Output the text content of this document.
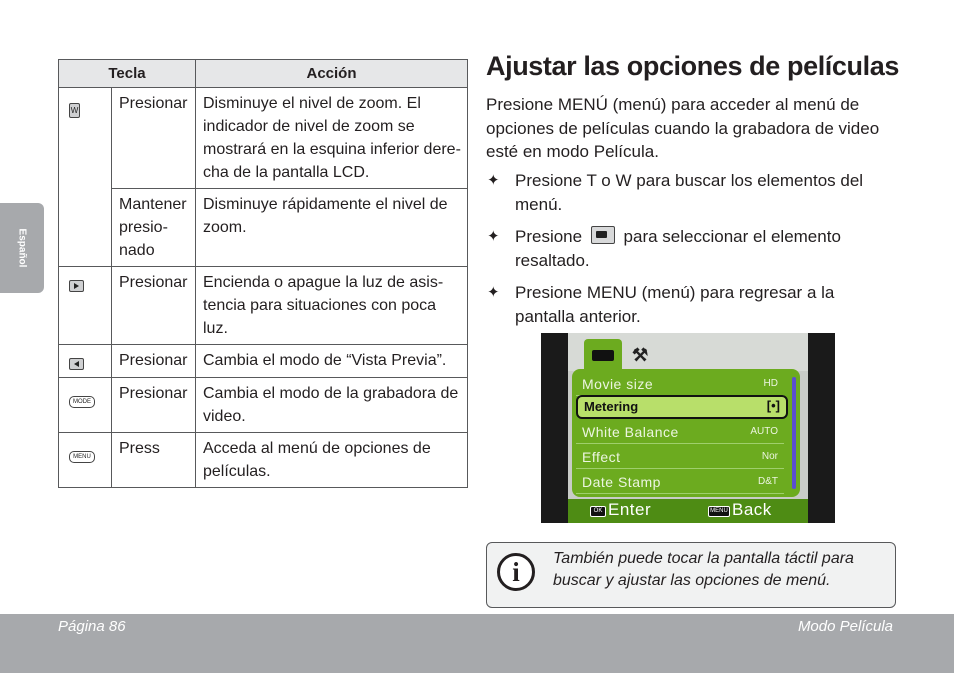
Español
Tecla		Acción
W	Presionar	Disminuye el nivel de zoom. El indicador de nivel de zoom se mostrará en la esquina inferior dere-cha de la pantalla LCD.
	Mantener presio-nado	Disminuye rápidamente el nivel de zoom.
	Presionar	Encienda o apague la luz de asis-tencia para situaciones con poca luz.
	Presionar	Cambia el modo de “Vista Previa”.
MODE	Presionar	Cambia el modo de la grabadora de video.
MENU	Press	Acceda al menú de opciones de películas.
Ajustar las opciones de películas

Presione MENÚ (menú) para acceder al menú de opciones de películas cuando la grabadora de video esté en modo Película.

✦ Presione T o W para buscar los elementos del menú.
✦ Presione  para seleccionar el elemento resaltado.
✦ Presione MENU (menú) para regresar a la pantalla anterior.
⚒
Movie size	HD
Metering	[•]
White Balance	AUTO
Effect	Nor
Date Stamp	D&T
OK Enter	MENU Back
i	También puede tocar la pantalla táctil para buscar y ajustar las opciones de menú.
Página 86	Modo Película
